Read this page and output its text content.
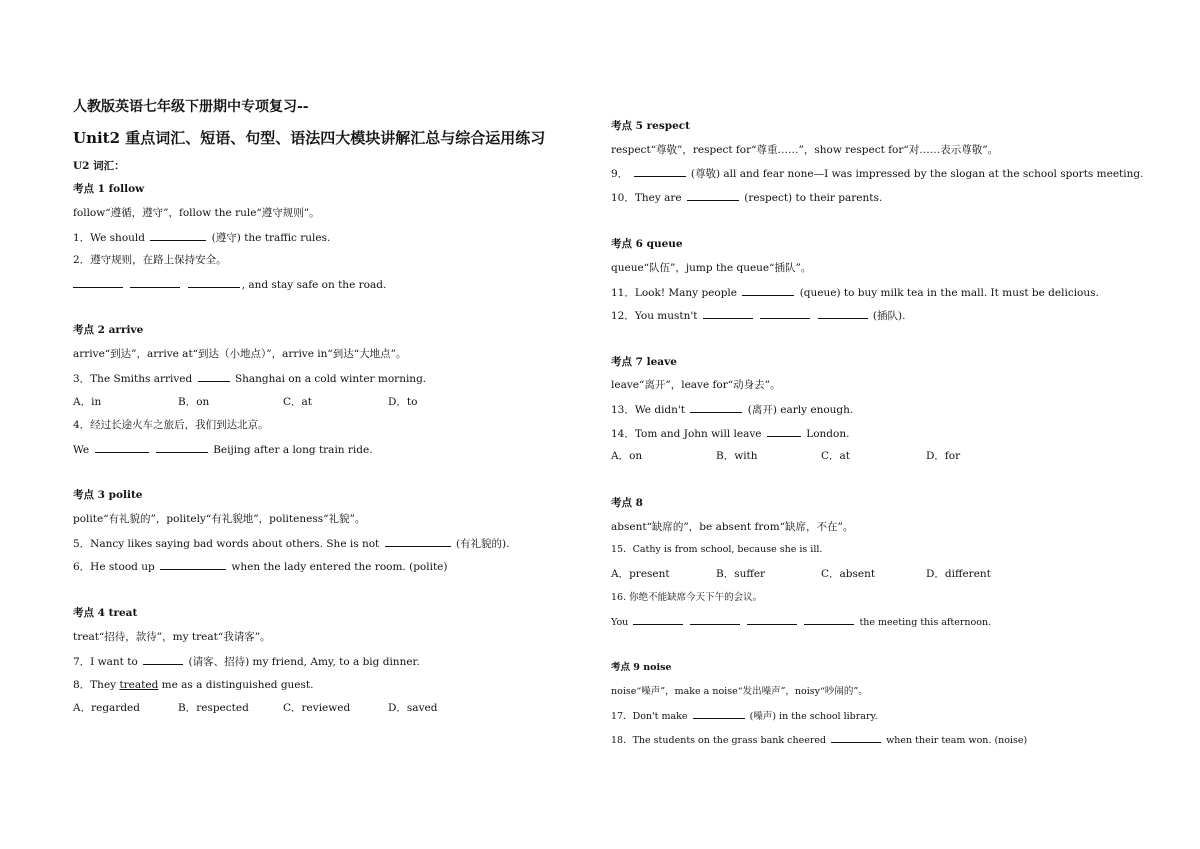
人教版英语七年级下册期中专项复习--
Unit2 重点词汇、短语、句型、语法四大模块讲解汇总与综合运用练习
U2 词汇：
考点 1 follow
follow“遵循，遵守”，follow the rule“遵守规则”。
1．We should	(遵守) the traffic rules.
2．遵守规则，在路上保持安全。
, and stay safe on the road.
考点 2 arrive
arrive“到达”，arrive at“到达（小地点）”，arrive in“到达“大地点”。
3．The Smiths arrived	Shanghai on a cold winter morning.
A．in	B．on	C．at	D．to
4．经过长途火车之旅后，我们到达北京。
We	Beijing after a long train ride.
考点 3 polite
polite“有礼貌的”，politely“有礼貌地”，politeness“礼貌”。
5．Nancy likes saying bad words about others. She is not	(有礼貌的).
6．He stood up	when the lady entered the room. (polite)
考点 4 treat
treat“招待，款待”，my treat“我请客”。
7．I want to	(请客、招待) my friend, Amy, to a big dinner.
8．They treated me as a distinguished guest.
A．regarded	B．respected	C．reviewed	D．saved
考点 5 respect
respect“尊敬”，respect for“尊重……”，show respect for“对……表示尊敬”。
9．	(尊敬) all and fear none—I was impressed by the slogan at the school sports meeting.
10．They are	(respect) to their parents.
考点 6 queue
queue“队伍”，jump the queue“插队”。
11．Look! Many people	(queue) to buy milk tea in the mall. It must be delicious.
12．You mustn't	(插队).
考点 7 leave
leave“离开”，leave for“动身去”。
13．We didn't	(离开) early enough.
14．Tom and John will leave	London.
A．on	B．with	C．at	D．for
考点 8
absent“缺席的”，be absent from“缺席，不在”。
15．Cathy is from school, because she is ill.
A．present	B．suffer	C．absent	D．different
16. 你绝不能缺席今天下午的会议。
You	the meeting this afternoon.
考点 9 noise
noise“噪声”，make a noise“发出噪声”，noisy“吵闹的”。
17．Don't make	(噪声) in the school library.
18．The students on the grass bank cheered	when their team won. (noise)
